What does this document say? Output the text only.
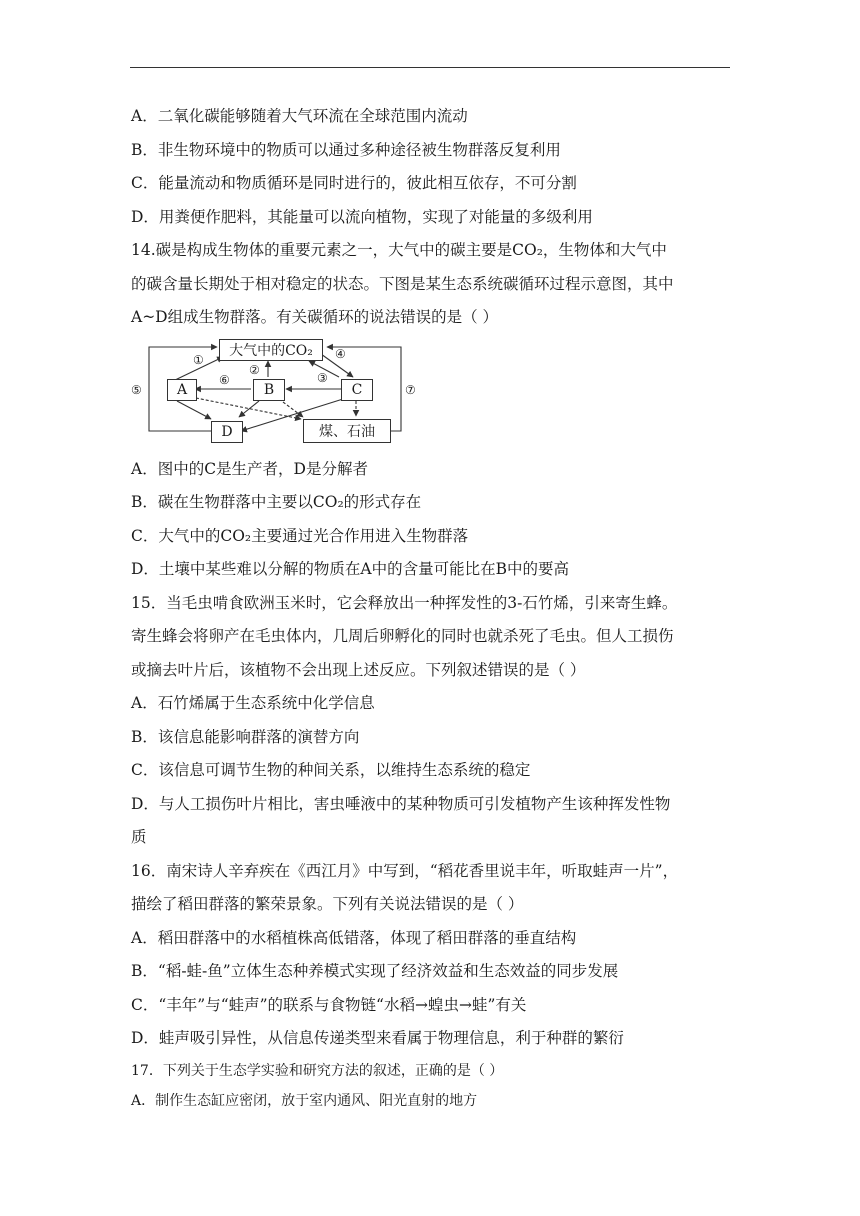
A．二氧化碳能够随着大气环流在全球范围内流动
B．非生物环境中的物质可以通过多种途径被生物群落反复利用
C．能量流动和物质循环是同时进行的，彼此相互依存，不可分割
D．用粪便作肥料，其能量可以流向植物，实现了对能量的多级利用
14.碳是构成生物体的重要元素之一，大气中的碳主要是CO₂，生物体和大气中
的碳含量长期处于相对稳定的状态。下图是某生态系统碳循环过程示意图，其中
A~D组成生物群落。有关碳循环的说法错误的是（ ）
大气中的CO₂
A	B	C
D	煤、石油
①
②
③
④
⑤
⑥
⑦
A．图中的C是生产者，D是分解者
B．碳在生物群落中主要以CO₂的形式存在
C．大气中的CO₂主要通过光合作用进入生物群落
D．土壤中某些难以分解的物质在A中的含量可能比在B中的要高
15．当毛虫啃食欧洲玉米时，它会释放出一种挥发性的3-石竹烯，引来寄生蜂。
寄生蜂会将卵产在毛虫体内，几周后卵孵化的同时也就杀死了毛虫。但人工损伤
或摘去叶片后，该植物不会出现上述反应。下列叙述错误的是（ ）
A．石竹烯属于生态系统中化学信息
B．该信息能影响群落的演替方向
C．该信息可调节生物的种间关系，以维持生态系统的稳定
D．与人工损伤叶片相比，害虫唾液中的某种物质可引发植物产生该种挥发性物
质
16．南宋诗人辛弃疾在《西江月》中写到，“稻花香里说丰年，听取蛙声一片”，
描绘了稻田群落的繁荣景象。下列有关说法错误的是（ ）
A．稻田群落中的水稻植株高低错落，体现了稻田群落的垂直结构
B．“稻-蛙-鱼”立体生态种养模式实现了经济效益和生态效益的同步发展
C．“丰年”与“蛙声”的联系与食物链“水稻→蝗虫→蛙”有关
D．蛙声吸引异性，从信息传递类型来看属于物理信息，利于种群的繁衍
17．下列关于生态学实验和研究方法的叙述，正确的是（ ）
A．制作生态缸应密闭，放于室内通风、阳光直射的地方
